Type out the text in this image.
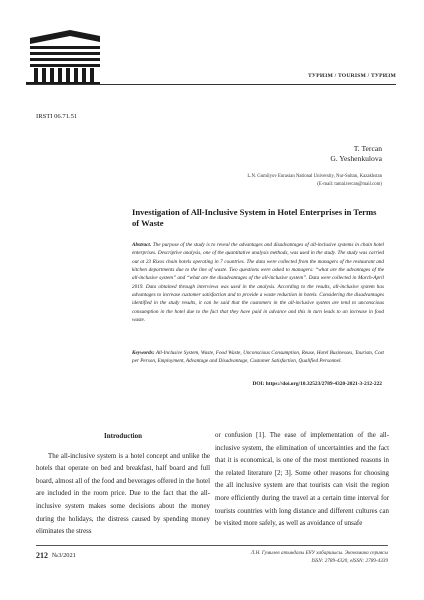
ТУРИЗМ / TOURISM / ТУРИЗМ
IRSTI 06.71.51
T. Tercan
G. Yeshenkulova
L.N. Gumilyov Eurasian National University, Nur-Sultan, Kazakhstan
(E-mail: tamal.tercan@mail.com)
Investigation of All-Inclusive System in Hotel Enterprises in Terms of Waste
Abstract. The purpose of the study is to reveal the advantages and disadvantages of all-inclusive systems in chain hotel enterprises. Descriptive analysis, one of the quantitative analysis methods, was used in the study. The study was carried out at 23 Rixos chain hotels operating in 7 countries. The data were collected from the managers of the restaurant and kitchen departments due to the line of waste. Two questions were asked to managers: “what are the advantages of the all-inclusive system” and “what are the disadvantages of the all-inclusive system”. Data were collected in March-April 2019. Data obtained through interviews was used in the analysis. According to the results, all-inclusive system has advantages to increase customer satisfaction and to provide a waste reduction in hotels. Considering the disadvantages identified in the study results, it can be said that the customers in the all-inclusive system are tend to unconscious consumption in the hotel due to the fact that they have paid in advance and this in turn leads to an increase in food waste.
Keywords: All-Inclusive System, Waste, Food Waste, Unconscious Consumption, Reuse, Hotel Businesses, Tourism, Cost per Person, Employment, Advantage and Disadvantage, Customer Satisfaction, Qualified Personnel.
DOI: https://doi.org/10.32523/2789-4320-2021-3-212-222
Introduction

The all-inclusive system is a hotel concept and unlike the hotels that operate on bed and breakfast, half board and full board, almost all of the food and beverages offered in the hotel are included in the room price. Due to the fact that the all-inclusive system makes some decisions about the money during the holidays, the distress caused by spending money eliminates the stress

or confusion [1]. The ease of implementation of the all-inclusive system, the elimination of uncertainties and the fact that it is economical, is one of the most mentioned reasons in the related literature [2; 3]. Some other reasons for choosing the all inclusive system are that tourists can visit the region more efficiently during the travel at a certain time interval for tourists countries with long distance and different cultures can be visited more safely, as well as avoidance of unsafe

212 №3/2021	Л.Н. Гумилев атындағы ЕҰУ хабаршысы. Экономика сериясы
ISSN: 2789-4320, eISSN: 2789-4339
